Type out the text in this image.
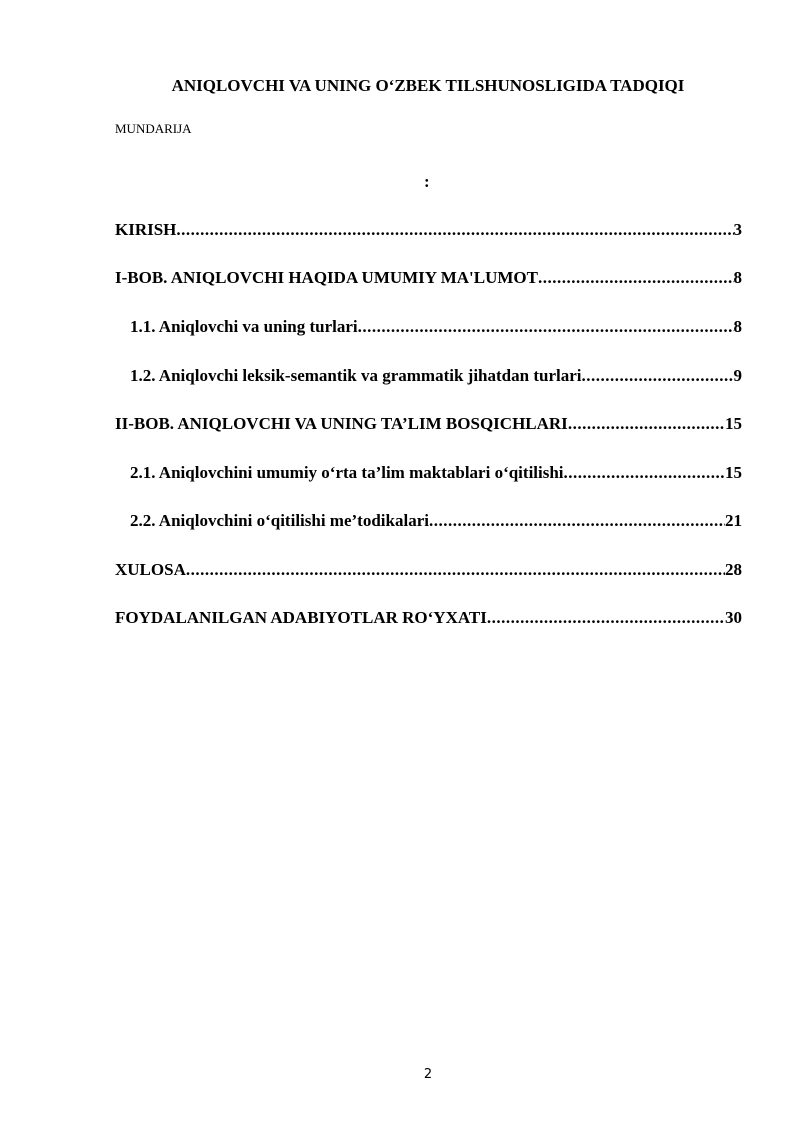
ANIQLOVCHI VA UNING O‘ZBEK TILSHUNOSLIGIDA TADQIQI
MUNDARIJA
:
KIRISH .....	3
I-BOB. ANIQLOVCHI HAQIDA UMUMIY MA'LUMOT .....	8
1.1. Aniqlovchi va uning turlari .....	8
1.2. Aniqlovchi leksik-semantik va grammatik jihatdan turlari .....	9
II-BOB. ANIQLOVCHI VA UNING TA’LIM BOSQICHLARI .....	15
2.1. Aniqlovchini umumiy o‘rta ta’lim maktablari o‘qitilishi .....	15
2.2. Aniqlovchini o‘qitilishi me’todikalari .....	21
XULOSA .....	28
FOYDALANILGAN ADABIYOTLAR RO‘YXATI .....	30
2
